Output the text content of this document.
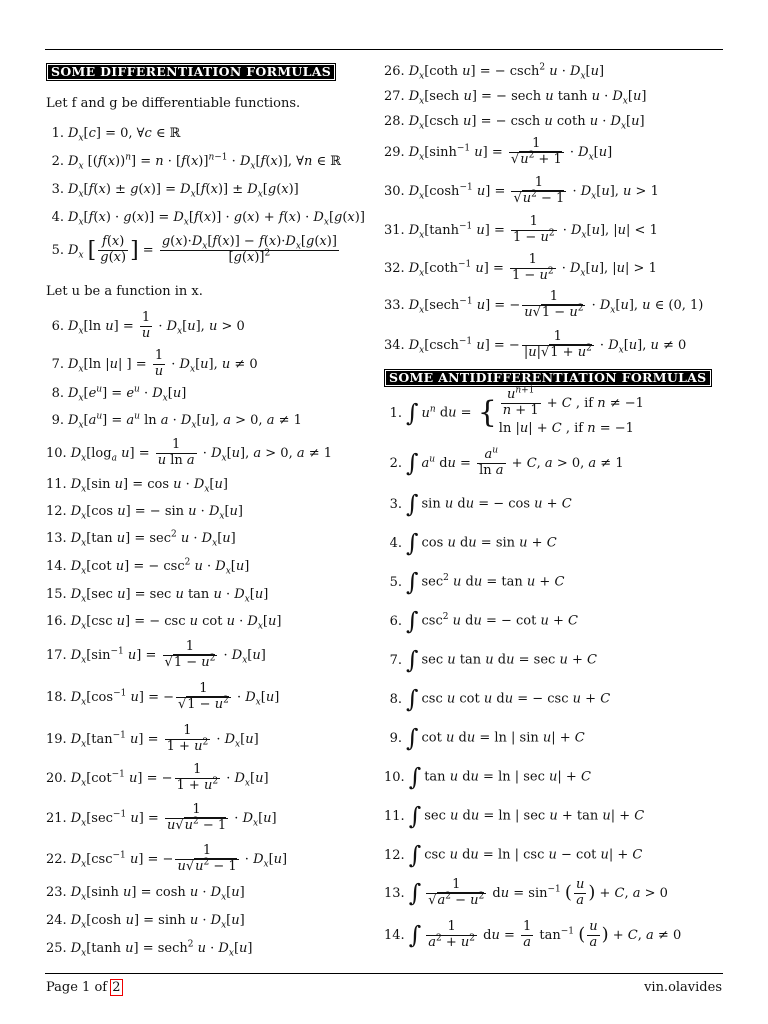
SOME DIFFERENTIATION FORMULAS
Let f and g be differentiable functions.
1. $D_x[c] = 0$, ∀c ∈ ℝ
2. $D_x$ $[(f(x))^n] = n \cdot [f(x)]^{n-1} \cdot D_x[f(x)]$, ∀n ∈ ℝ
3. $D_x[f(x) \pm g(x)] = D_x[f(x)] \pm D_x[g(x)]$
4. $D_x[f(x) \cdot g(x)] = D_x[f(x)] \cdot g(x) + f(x) \cdot D_x[g(x)]$
5. $D_x$ [ $\frac{f(x)}{g(x)}$ ] = $\frac{g(x)\cdot D_x[f(x)] - f(x)\cdot D_x[g(x)]}{[g(x)]^2}$
Let u be a function in x.
6. $D_x[\ln$ $u] = \frac{1}{u} \cdot D_x[u]$, u > 0
7. $D_x[\ln$ |u| ] = $\frac{1}{u} \cdot D_x[u]$, u ≠ 0
8. $D_x[e^u] = e^u \cdot D_x[u]$
9. $D_x[a^u] = a^u$ $\ln a \cdot D_x[u]$, a > 0, a ≠ 1
10. $D_x[\log_a$ $u] = \frac{1}{\text{u ln a}} \cdot D_x[u]$, a > 0, a ≠ 1
11. $D_x[\sin$ $u] = \cos u \cdot D_x[u]$
12. $D_x[\cos$ u] = − $\sin u \cdot D_x[u]$
13. $D_x[\tan$ $u] = \sec^2 u \cdot D_x[u]$
14. $D_x[\cot$ u] = − $\csc^2 u \cdot D_x[u]$
15. $D_x[\sec$ u] = sec u $\tan u \cdot D_x[u]$
16. $D_x[\csc$ u] = − csc u $\cot u \cdot D_x[u]$
17. $D_x[\sin^{-1}$ $u] = \frac{1}{√1 - u^2} \cdot D_x[u]$
18. $D_x[\cos^{-1}$ u] = − $\frac{1}{√1 - u^2} \cdot D_x[u]$
19. $D_x[\tan^{-1}$ $u] = \frac{1}{1 + u^2} \cdot D_x[u]$
20. $D_x[\cot^{-1}$ u] = − $\frac{1}{1 + u^2} \cdot D_x[u]$
21. $D_x[\sec^{-1}$ $u] = \frac{1}{u√u^2 - 1} \cdot D_x[u]$
22. $D_x[\csc^{-1}$ u] = − $\frac{1}{u√u^2 - 1} \cdot D_x[u]$
23. $D_x[\sinh$ $u] = \cosh u \cdot D_x[u]$
24. $D_x[\cosh$ $u] = \sinh u \cdot D_x[u]$
25. $D_x[\tanh$ u] = sech$^2$ $u \cdot D_x[u]$
26. $D_x[\cot h$ u] = − csch$^2$ $u \cdot D_x[u]$
27. $D_x[\sec h$ u] = − sech u $\tanh u \cdot D_x[u]$
28. $D_x[\csc h$ u] = − csch u coth $u \cdot D_x[u]$
29. $D_x[\sinh^{-1}$ $u] = \frac{1}{√u^2 + 1} \cdot D_x[u]$
30. $D_x[\cosh^{-1}$ $u] = \frac{1}{√u^2 - 1} \cdot D_x[u]$, u > 1
31. $D_x[\tanh^{-1}$ $u] = \frac{1}{1 - u^2} \cdot D_x[u]$, |u| < 1
32. $D_x[\cot h^{-1}$ $u] = \frac{1}{1 - u^2} \cdot D_x[u]$, |u| > 1
33. $D_x[\sec h^{-1}$ u] = − $\frac{1}{u√1 - u^2} \cdot D_x[u]$, u ∈ (0, 1)
34. $D_x[\csc h^{-1}$ u] = − $\frac{1}{|u|√1 + u^2} \cdot D_x[u]$, u ≠ 0
SOME ANTIDIFFERENTIATION FORMULAS
1. ∫ $u^n$ du = { $\frac{u^{n+1}}{n + 1} + C$ , if n ≠ −1
ln |u| + C , if n = −1
2. ∫ $a^u$ du = $\frac{a^u}{\text{ln a}} + C$, a > 0, a ≠ 1
3. ∫ sin u du = − cos u + C
4. ∫ cos u du = sin u + C
5. ∫ $\sec^2 u$ du = tan u + C
6. ∫ $\csc^2 u$ du = − cot u + C
7. ∫ sec u tan u du = sec u + C
8. ∫ csc u cot u du = − csc u + C
9. ∫ cot u du = ln | sin u| + C
10. ∫ tan u du = ln | sec u| + C
11. ∫ sec u du = ln | sec u + tan u| + C
12. ∫ csc u du = ln | csc u − cot u| + C
13. ∫ $\frac{1}{√a^2 - u^2}$ du = $\sin^{-1}$ ( $\frac{u}{a}$ ) + C, a > 0
14. ∫ $\frac{1}{a^2 + u^2}$ du = $\frac{1}{a} \tan^{-1}$ ( $\frac{u}{a}$ ) + C, a ≠ 0
Page 1 of 2	vin.olavides
